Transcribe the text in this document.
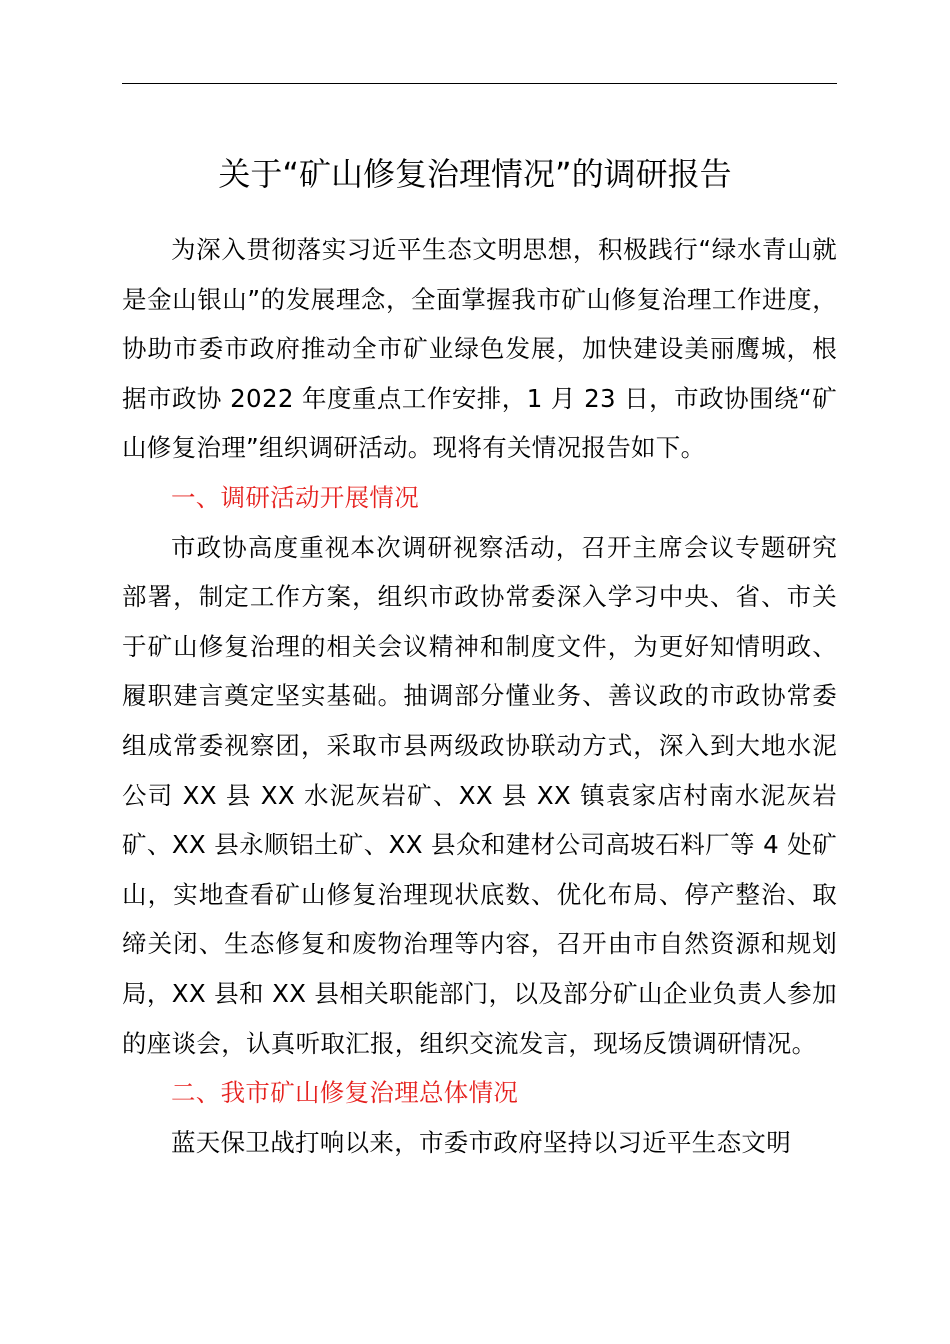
关于“矿山修复治理情况”的调研报告

为深入贯彻落实习近平生态文明思想，积极践行“绿水青山就是金山银山”的发展理念，全面掌握我市矿山修复治理工作进度，协助市委市政府推动全市矿业绿色发展，加快建设美丽鹰城，根据市政协 2022 年度重点工作安排，1 月 23 日，市政协围绕“矿山修复治理”组织调研活动。现将有关情况报告如下。

一、调研活动开展情况

市政协高度重视本次调研视察活动，召开主席会议专题研究部署，制定工作方案，组织市政协常委深入学习中央、省、市关于矿山修复治理的相关会议精神和制度文件，为更好知情明政、履职建言奠定坚实基础。抽调部分懂业务、善议政的市政协常委组成常委视察团，采取市县两级政协联动方式，深入到大地水泥公司 XX 县 XX 水泥灰岩矿、XX 县 XX 镇袁家店村南水泥灰岩矿、XX 县永顺铝土矿、XX 县众和建材公司高坡石料厂等 4 处矿山，实地查看矿山修复治理现状底数、优化布局、停产整治、取缔关闭、生态修复和废物治理等内容，召开由市自然资源和规划局，XX 县和 XX 县相关职能部门，以及部分矿山企业负责人参加的座谈会，认真听取汇报，组织交流发言，现场反馈调研情况。

二、我市矿山修复治理总体情况

蓝天保卫战打响以来，市委市政府坚持以习近平生态文明
